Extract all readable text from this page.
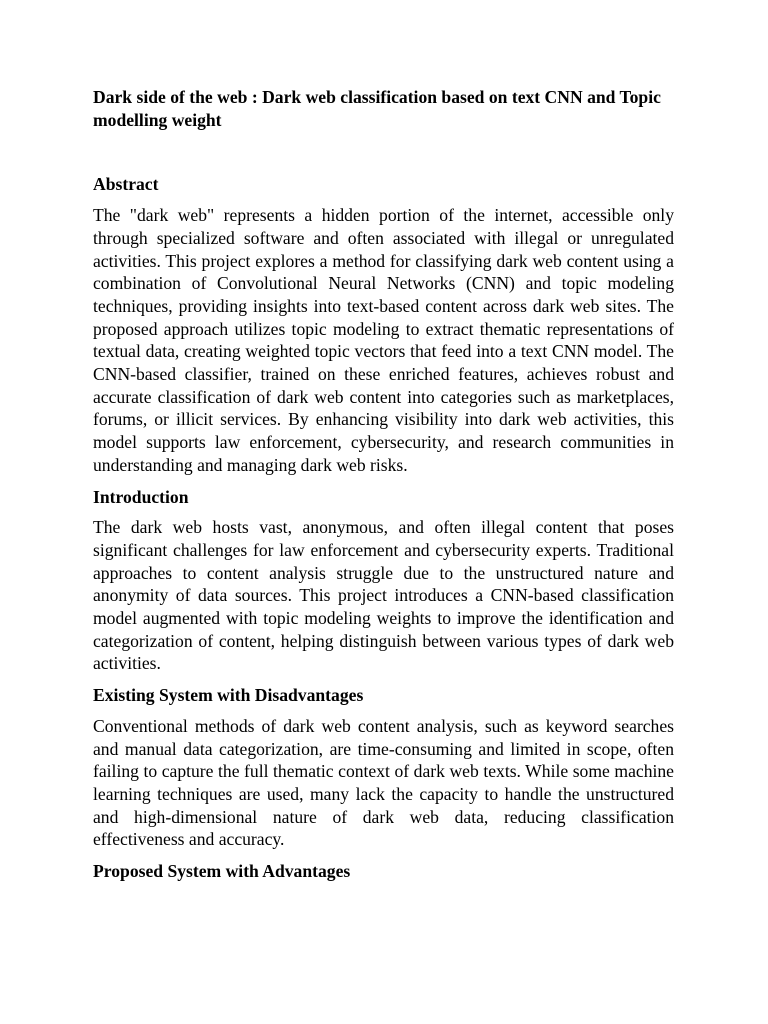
Dark side of the web : Dark web classification based on text CNN and Topic modelling weight

Abstract

The "dark web" represents a hidden portion of the internet, accessible only through specialized software and often associated with illegal or unregulated activities. This project explores a method for classifying dark web content using a combination of Convolutional Neural Networks (CNN) and topic modeling techniques, providing insights into text-based content across dark web sites. The proposed approach utilizes topic modeling to extract thematic representations of textual data, creating weighted topic vectors that feed into a text CNN model. The CNN-based classifier, trained on these enriched features, achieves robust and accurate classification of dark web content into categories such as marketplaces, forums, or illicit services. By enhancing visibility into dark web activities, this model supports law enforcement, cybersecurity, and research communities in understanding and managing dark web risks.

Introduction

The dark web hosts vast, anonymous, and often illegal content that poses significant challenges for law enforcement and cybersecurity experts. Traditional approaches to content analysis struggle due to the unstructured nature and anonymity of data sources. This project introduces a CNN-based classification model augmented with topic modeling weights to improve the identification and categorization of content, helping distinguish between various types of dark web activities.

Existing System with Disadvantages

Conventional methods of dark web content analysis, such as keyword searches and manual data categorization, are time-consuming and limited in scope, often failing to capture the full thematic context of dark web texts. While some machine learning techniques are used, many lack the capacity to handle the unstructured and high-dimensional nature of dark web data, reducing classification effectiveness and accuracy.

Proposed System with Advantages
